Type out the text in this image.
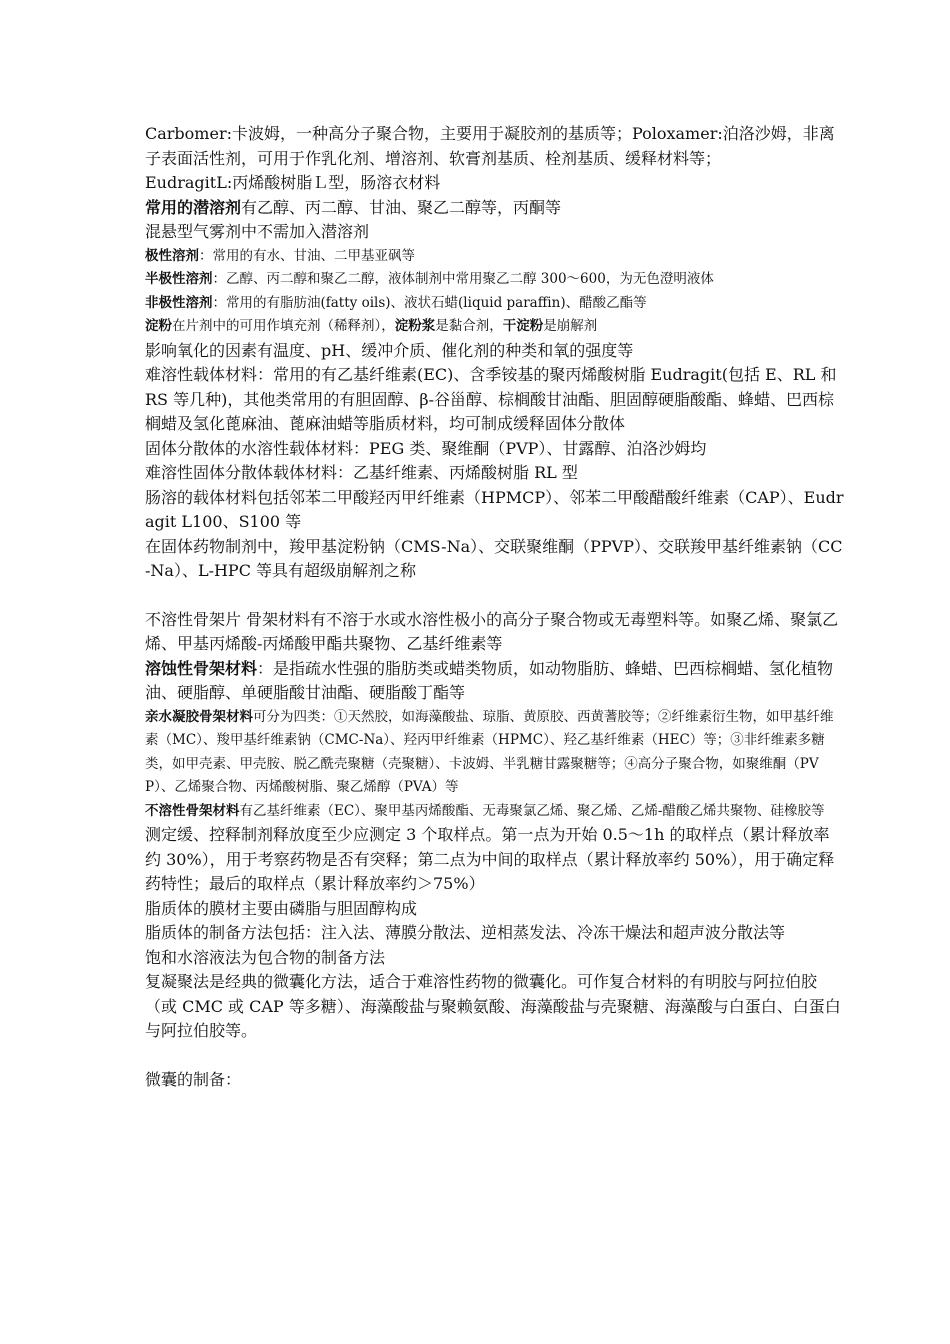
Carbomer:卡波姆，一种高分子聚合物，主要用于凝胶剂的基质等；Poloxamer:泊洛沙姆，非离子表面活性剂，可用于作乳化剂、增溶剂、软膏剂基质、栓剂基质、缓释材料等；

EudragitL:丙烯酸树脂Ｌ型，肠溶衣材料

常用的潜溶剂有乙醇、丙二醇、甘油、聚乙二醇等，丙酮等

混悬型气雾剂中不需加入潜溶剂

极性溶剂：常用的有水、甘油、二甲基亚砜等

半极性溶剂：乙醇、丙二醇和聚乙二醇，液体制剂中常用聚乙二醇 300～600，为无色澄明液体

非极性溶剂：常用的有脂肪油(fatty oils)、液状石蜡(liquid paraffin)、醋酸乙酯等

淀粉在片剂中的可用作填充剂（稀释剂），淀粉浆是黏合剂，干淀粉是崩解剂

影响氧化的因素有温度、pH、缓冲介质、催化剂的种类和氧的强度等

难溶性载体材料：常用的有乙基纤维素(EC)、含季铵基的聚丙烯酸树脂 Eudragit(包括 E、RL 和 RS 等几种)，其他类常用的有胆固醇、β-谷甾醇、棕榈酸甘油酯、胆固醇硬脂酸酯、蜂蜡、巴西棕榈蜡及氢化蓖麻油、蓖麻油蜡等脂质材料，均可制成缓释固体分散体

固体分散体的水溶性载体材料：PEG 类、聚维酮（PVP）、甘露醇、泊洛沙姆均

难溶性固体分散体载体材料：乙基纤维素、丙烯酸树脂 RL 型

肠溶的载体材料包括邻苯二甲酸羟丙甲纤维素（HPMCP）、邻苯二甲酸醋酸纤维素（CAP）、Eudragit L100、S100 等

在固体药物制剂中，羧甲基淀粉钠（CMS-Na）、交联聚维酮（PPVP）、交联羧甲基纤维素钠（CC-Na）、L-HPC 等具有超级崩解剂之称

不溶性骨架片 骨架材料有不溶于水或水溶性极小的高分子聚合物或无毒塑料等。如聚乙烯、聚氯乙烯、甲基丙烯酸-丙烯酸甲酯共聚物、乙基纤维素等

溶蚀性骨架材料：是指疏水性强的脂肪类或蜡类物质，如动物脂肪、蜂蜡、巴西棕榈蜡、氢化植物油、硬脂醇、单硬脂酸甘油酯、硬脂酸丁酯等

亲水凝胶骨架材料可分为四类：①天然胶，如海藻酸盐、琼脂、黄原胶、西黄蓍胶等；②纤维素衍生物，如甲基纤维素（MC）、羧甲基纤维素钠（CMC-Na）、羟丙甲纤维素（HPMC）、羟乙基纤维素（HEC）等；③非纤维素多糖类，如甲壳素、甲壳胺、脱乙酰壳聚糖（壳聚糖）、卡波姆、半乳糖甘露聚糖等；④高分子聚合物，如聚维酮（PVP）、乙烯聚合物、丙烯酸树脂、聚乙烯醇（PVA）等

不溶性骨架材料有乙基纤维素（EC）、聚甲基丙烯酸酯、无毒聚氯乙烯、聚乙烯、乙烯-醋酸乙烯共聚物、硅橡胶等

测定缓、控释制剂释放度至少应测定 3 个取样点。第一点为开始 0.5～1h 的取样点（累计释放率约 30%），用于考察药物是否有突释；第二点为中间的取样点（累计释放率约 50%），用于确定释药特性；最后的取样点（累计释放率约＞75%）

脂质体的膜材主要由磷脂与胆固醇构成

脂质体的制备方法包括：注入法、薄膜分散法、逆相蒸发法、冷冻干燥法和超声波分散法等

饱和水溶液法为包合物的制备方法

复凝聚法是经典的微囊化方法，适合于难溶性药物的微囊化。可作复合材料的有明胶与阿拉伯胶（或 CMC 或 CAP 等多糖）、海藻酸盐与聚赖氨酸、海藻酸盐与壳聚糖、海藻酸与白蛋白、白蛋白与阿拉伯胶等。

微囊的制备：
